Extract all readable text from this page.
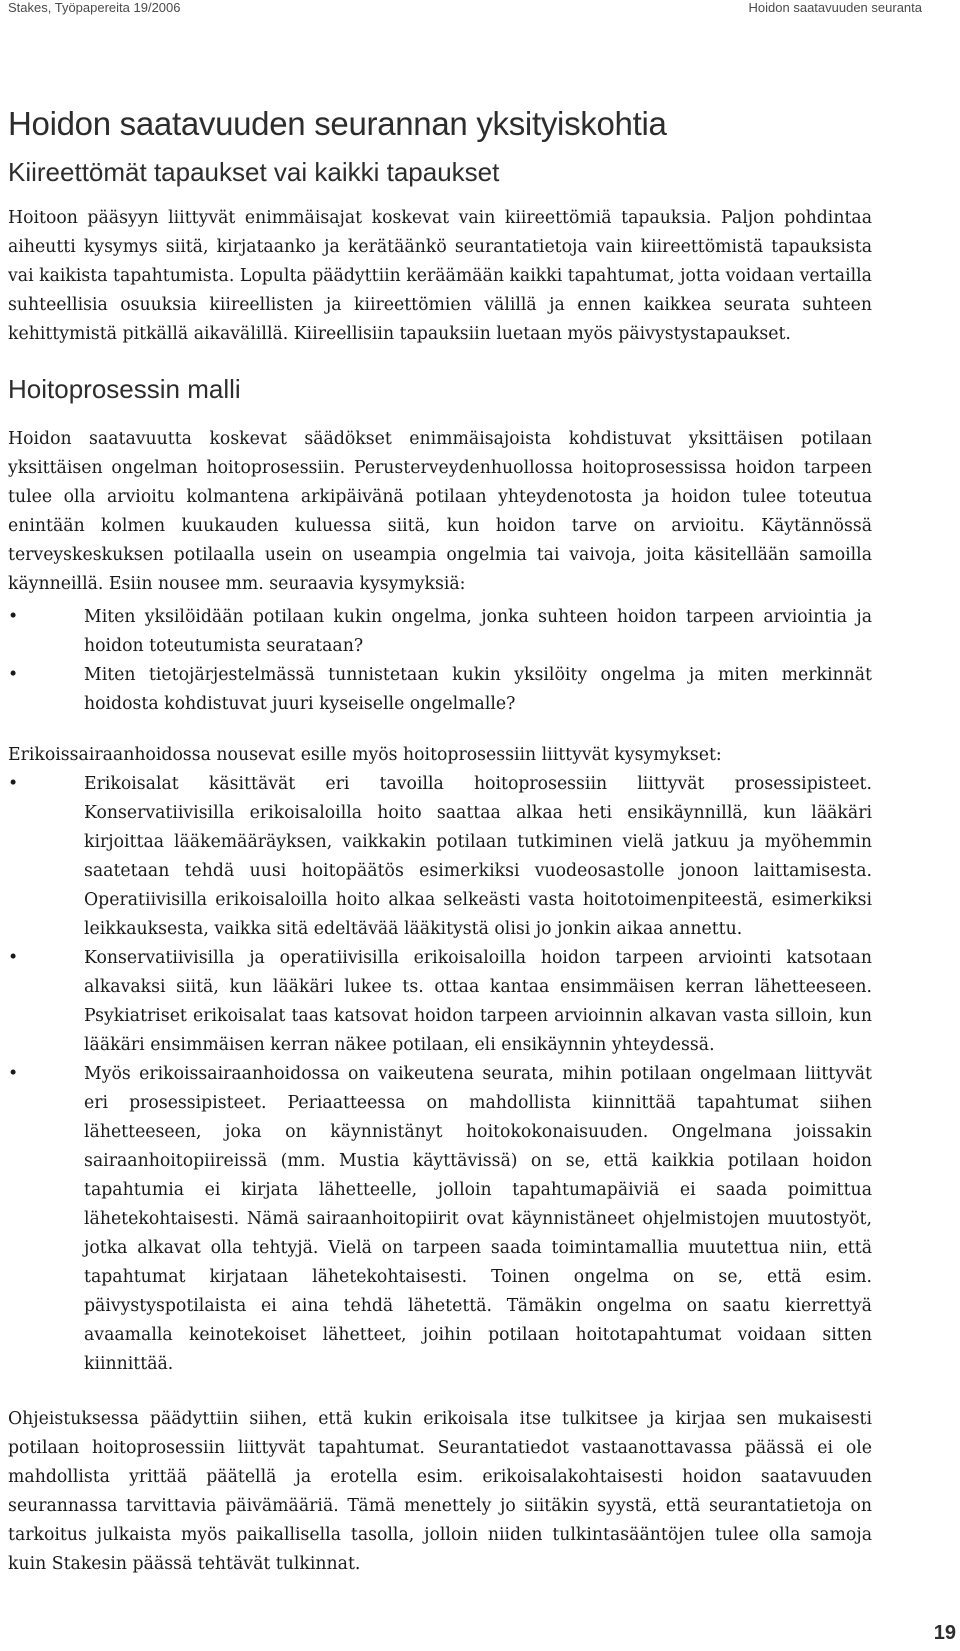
Stakes, Työpapereita 19/2006	Hoidon saatavuuden seuranta
Hoidon saatavuuden seurannan yksityiskohtia
Kiireettömät tapaukset vai kaikki tapaukset

Hoitoon pääsyyn liittyvät enimmäisajat koskevat vain kiireettömiä tapauksia. Paljon pohdintaa aiheutti kysymys siitä, kirjataanko ja kerätäänkö seurantatietoja vain kiireettömistä tapauksista vai kaikista tapahtumista. Lopulta päädyttiin keräämään kaikki tapahtumat, jotta voidaan vertailla suhteellisia osuuksia kiireellisten ja kiireettömien välillä ja ennen kaikkea seurata suhteen kehittymistä pitkällä aikavälillä. Kiireellisiin tapauksiin luetaan myös päivystystapaukset.

Hoitoprosessin malli

Hoidon saatavuutta koskevat säädökset enimmäisajoista kohdistuvat yksittäisen potilaan yksittäisen ongelman hoitoprosessiin. Perusterveydenhuollossa hoitoprosessissa hoidon tarpeen tulee olla arvioitu kolmantena arkipäivänä potilaan yhteydenotosta ja hoidon tulee toteutua enintään kolmen kuukauden kuluessa siitä, kun hoidon tarve on arvioitu. Käytännössä terveyskeskuksen potilaalla usein on useampia ongelmia tai vaivoja, joita käsitellään samoilla käynneillä. Esiin nousee mm. seuraavia kysymyksiä:

•	Miten yksilöidään potilaan kukin ongelma, jonka suhteen hoidon tarpeen arviointia ja hoidon toteutumista seurataan?
•	Miten tietojärjestelmässä tunnistetaan kukin yksilöity ongelma ja miten merkinnät hoidosta kohdistuvat juuri kyseiselle ongelmalle?

Erikoissairaanhoidossa nousevat esille myös hoitoprosessiin liittyvät kysymykset:

•	Erikoisalat käsittävät eri tavoilla hoitoprosessiin liittyvät prosessipisteet. Konservatiivisilla erikoisaloilla hoito saattaa alkaa heti ensikäynnillä, kun lääkäri kirjoittaa lääkemääräyksen, vaikkakin potilaan tutkiminen vielä jatkuu ja myöhemmin saatetaan tehdä uusi hoitopäätös esimerkiksi vuodeosastolle jonoon laittamisesta. Operatiivisilla erikoisaloilla hoito alkaa selkeästi vasta hoitotoimenpiteestä, esimerkiksi leikkauksesta, vaikka sitä edeltävää lääkitystä olisi jo jonkin aikaa annettu.
•	Konservatiivisilla ja operatiivisilla erikoisaloilla hoidon tarpeen arviointi katsotaan alkavaksi siitä, kun lääkäri lukee ts. ottaa kantaa ensimmäisen kerran lähetteeseen. Psykiatriset erikoisalat taas katsovat hoidon tarpeen arvioinnin alkavan vasta silloin, kun lääkäri ensimmäisen kerran näkee potilaan, eli ensikäynnin yhteydessä.
•	Myös erikoissairaanhoidossa on vaikeutena seurata, mihin potilaan ongelmaan liittyvät eri prosessipisteet. Periaatteessa on mahdollista kiinnittää tapahtumat siihen lähetteeseen, joka on käynnistänyt hoitokokonaisuuden. Ongelmana joissakin sairaanhoitopiireissä (mm. Mustia käyttävissä) on se, että kaikkia potilaan hoidon tapahtumia ei kirjata lähetteelle, jolloin tapahtumapäiviä ei saada poimittua lähetekohtaisesti. Nämä sairaanhoitopiirit ovat käynnistäneet ohjelmistojen muutostyöt, jotka alkavat olla tehtyjä. Vielä on tarpeen saada toimintamallia muutettua niin, että tapahtumat kirjataan lähetekohtaisesti. Toinen ongelma on se, että esim. päivystyspotilaista ei aina tehdä lähetettä. Tämäkin ongelma on saatu kierrettyä avaamalla keinotekoiset lähetteet, joihin potilaan hoitotapahtumat voidaan sitten kiinnittää.

Ohjeistuksessa päädyttiin siihen, että kukin erikoisala itse tulkitsee ja kirjaa sen mukaisesti potilaan hoitoprosessiin liittyvät tapahtumat. Seurantatiedot vastaanottavassa päässä ei ole mahdollista yrittää päätellä ja erotella esim. erikoisalakohtaisesti hoidon saatavuuden seurannassa tarvittavia päivämääriä. Tämä menettely jo siitäkin syystä, että seurantatietoja on tarkoitus julkaista myös paikallisella tasolla, jolloin niiden tulkintasääntöjen tulee olla samoja kuin Stakesin päässä tehtävät tulkinnat.

19
